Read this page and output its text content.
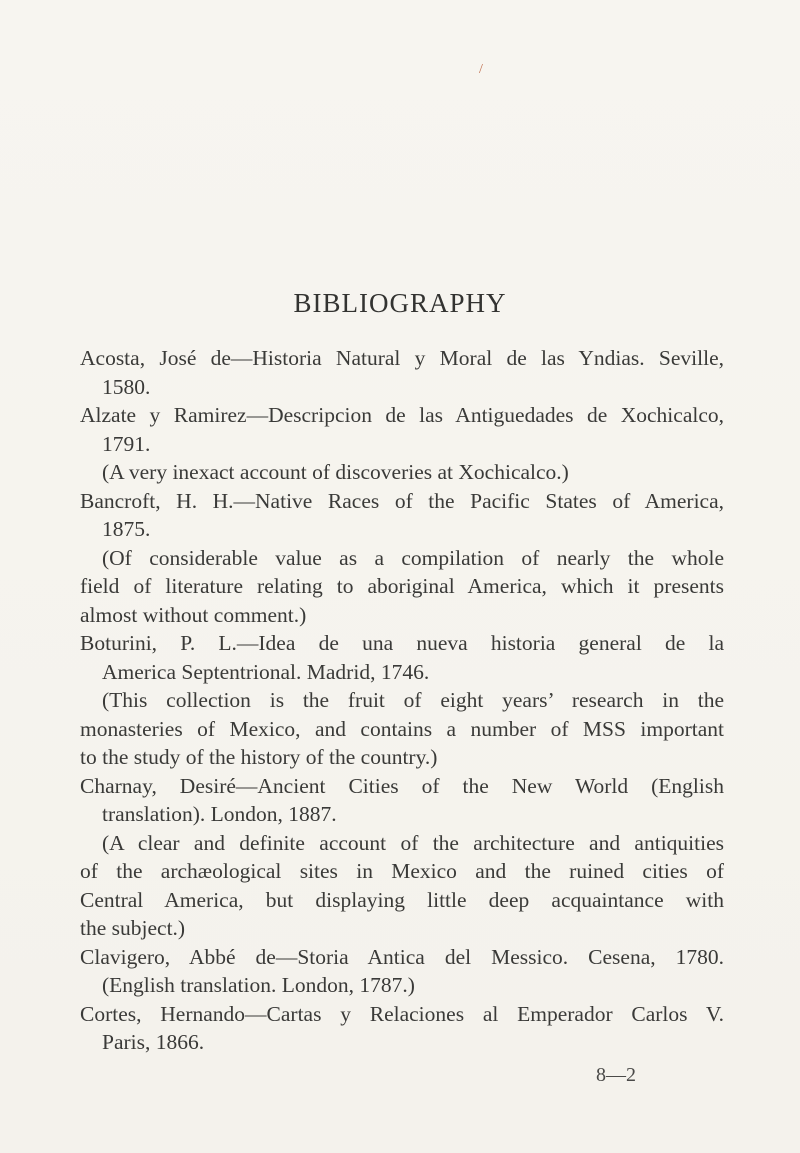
/
BIBLIOGRAPHY
Acosta, José de—Historia Natural y Moral de las Yndias. Seville,
1580.
Alzate y Ramirez—Descripcion de las Antiguedades de Xochicalco,
1791.
(A very inexact account of discoveries at Xochicalco.)
Bancroft, H. H.—Native Races of the Pacific States of America,
1875.
(Of considerable value as a compilation of nearly the whole
field of literature relating to aboriginal America, which it presents
almost without comment.)
Boturini, P. L.—Idea de una nueva historia general de la
America Septentrional. Madrid, 1746.
(This collection is the fruit of eight years’ research in the
monasteries of Mexico, and contains a number of MSS important
to the study of the history of the country.)
Charnay, Desiré—Ancient Cities of the New World (English
translation). London, 1887.
(A clear and definite account of the architecture and antiquities
of the archæological sites in Mexico and the ruined cities of
Central America, but displaying little deep acquaintance with
the subject.)
Clavigero, Abbé de—Storia Antica del Messico. Cesena, 1780.
(English translation. London, 1787.)
Cortes, Hernando—Cartas y Relaciones al Emperador Carlos V.
Paris, 1866.
8—2
